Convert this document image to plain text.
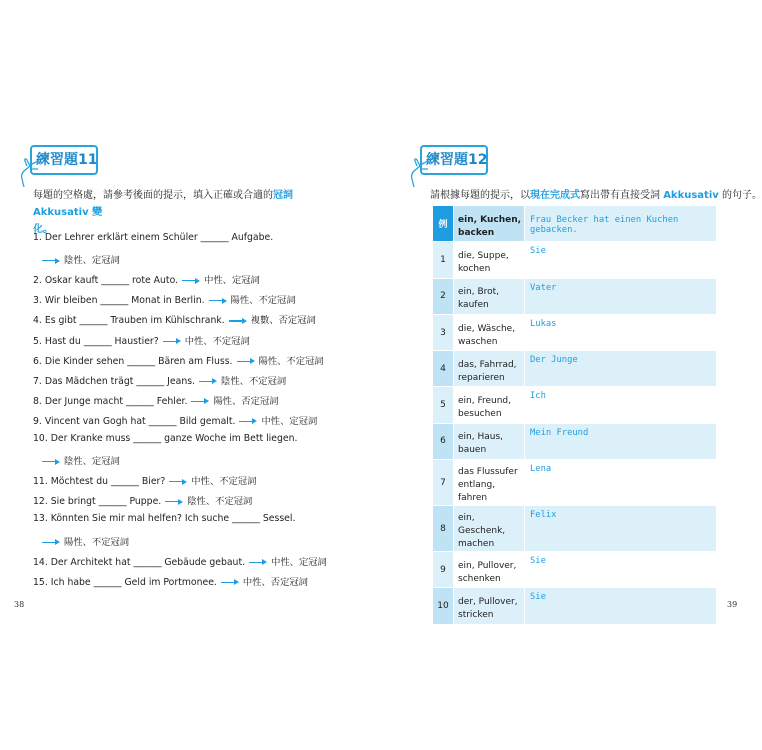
練習題11
每題的空格處，請參考後面的提示，填入正確或合適的冠詞 Akkusativ 變
化。
1. Der Lehrer erklärt einem Schüler ______ Aufgabe.
陰性、定冠詞
2. Oskar kauft ______ rote Auto.	中性、定冠詞
3. Wir bleiben ______ Monat in Berlin.	陽性、不定冠詞
4. Es gibt ______ Trauben im Kühlschrank.	複數、否定冠詞
5. Hast du ______ Haustier?	中性、不定冠詞
6. Die Kinder sehen ______ Bären am Fluss.	陽性、不定冠詞
7. Das Mädchen trägt ______ Jeans.	陰性、不定冠詞
8. Der Junge macht ______ Fehler.	陽性、否定冠詞
9. Vincent van Gogh hat ______ Bild gemalt.	中性、定冠詞
10. Der Kranke muss ______ ganze Woche im Bett liegen.
陰性、定冠詞
11. Möchtest du ______ Bier?	中性、不定冠詞
12. Sie bringt ______ Puppe.	陰性、不定冠詞
13. Könnten Sie mir mal helfen? Ich suche ______ Sessel.
陽性、不定冠詞
14. Der Architekt hat ______ Gebäude gebaut.	中性、定冠詞
15. Ich habe ______ Geld im Portmonee.	中性、否定冠詞
38
練習題12
請根據每題的提示，以現在完成式寫出帶有直接受詞 Akkusativ 的句子。
39
例	ein, Kuchen, backen	Frau Becker hat einen Kuchen gebacken.
1	die, Suppe, kochen	Sie
2	ein, Brot, kaufen	Vater
3	die, Wäsche, waschen	Lukas
4	das, Fahrrad, reparieren	Der Junge
5	ein, Freund, besuchen	Ich
6	ein, Haus, bauen	Mein Freund
7	das Flussufer entlang, fahren	Lena
8	ein, Geschenk, machen	Felix
9	ein, Pullover, schenken	Sie
10	der, Pullover, stricken	Sie
